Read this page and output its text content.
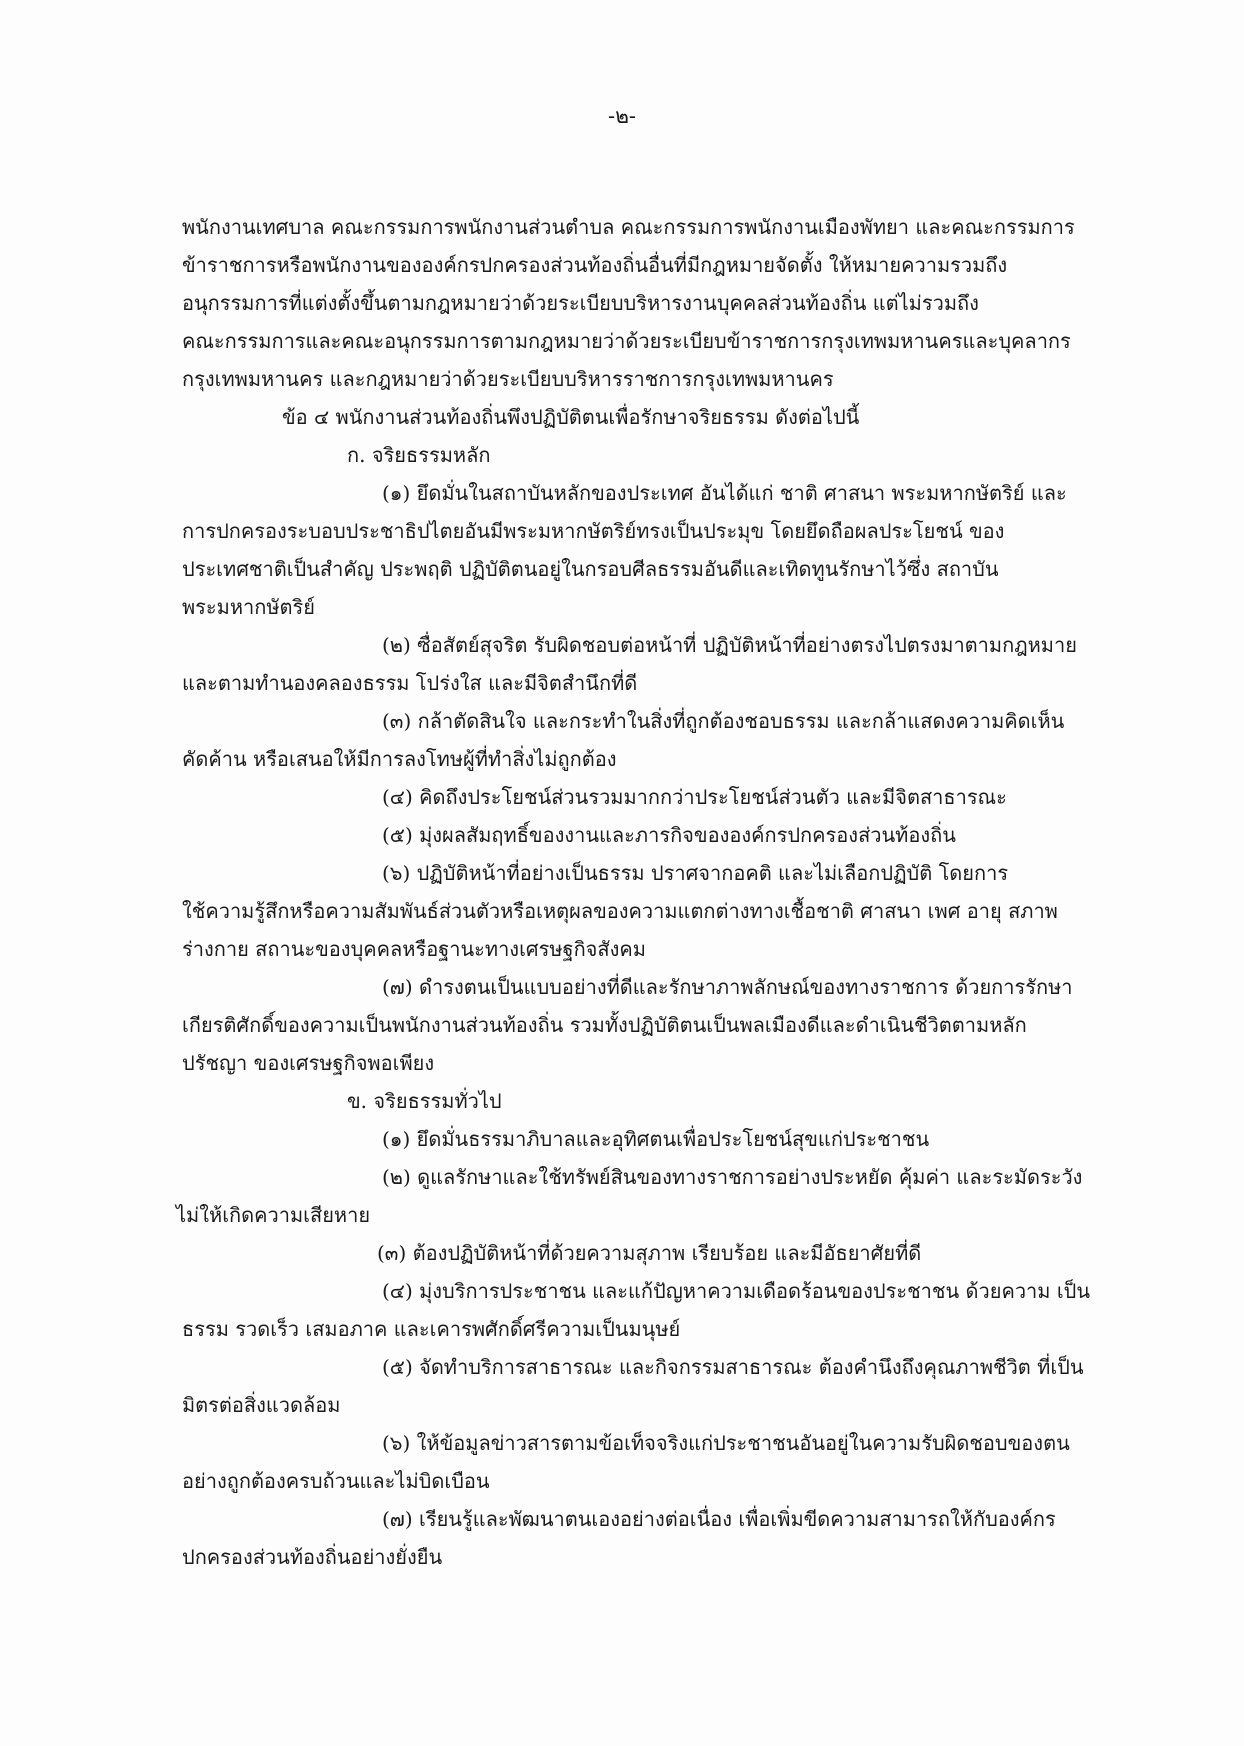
-๒-
พนักงานเทศบาล คณะกรรมการพนักงานส่วนตำบล คณะกรรมการพนักงานเมืองพัทยา และคณะกรรมการ
ข้าราชการหรือพนักงานขององค์กรปกครองส่วนท้องถิ่นอื่นที่มีกฎหมายจัดตั้ง ให้หมายความรวมถึง
อนุกรรมการที่แต่งตั้งขึ้นตามกฎหมายว่าด้วยระเบียบบริหารงานบุคคลส่วนท้องถิ่น แต่ไม่รวมถึง
คณะกรรมการและคณะอนุกรรมการตามกฎหมายว่าด้วยระเบียบข้าราชการกรุงเทพมหานครและบุคลากร
กรุงเทพมหานคร และกฎหมายว่าด้วยระเบียบบริหารราชการกรุงเทพมหานคร
ข้อ ๔ พนักงานส่วนท้องถิ่นพึงปฏิบัติตนเพื่อรักษาจริยธรรม ดังต่อไปนี้
ก. จริยธรรมหลัก
(๑) ยึดมั่นในสถาบันหลักของประเทศ อันได้แก่ ชาติ ศาสนา พระมหากษัตริย์ และ
การปกครองระบอบประชาธิปไตยอันมีพระมหากษัตริย์ทรงเป็นประมุข โดยยึดถือผลประโยชน์ ของ
ประเทศชาติเป็นสำคัญ ประพฤติ ปฏิบัติตนอยู่ในกรอบศีลธรรมอันดีและเทิดทูนรักษาไว้ซึ่ง สถาบัน
พระมหากษัตริย์
(๒) ซื่อสัตย์สุจริต รับผิดชอบต่อหน้าที่ ปฏิบัติหน้าที่อย่างตรงไปตรงมาตามกฎหมาย
และตามทำนองคลองธรรม โปร่งใส และมีจิตสำนึกที่ดี
(๓) กล้าตัดสินใจ และกระทำในสิ่งที่ถูกต้องชอบธรรม และกล้าแสดงความคิดเห็น
คัดค้าน หรือเสนอให้มีการลงโทษผู้ที่ทำสิ่งไม่ถูกต้อง
(๔) คิดถึงประโยชน์ส่วนรวมมากกว่าประโยชน์ส่วนตัว และมีจิตสาธารณะ
(๕) มุ่งผลสัมฤทธิ์ของงานและภารกิจขององค์กรปกครองส่วนท้องถิ่น
(๖) ปฏิบัติหน้าที่อย่างเป็นธรรม ปราศจากอคติ และไม่เลือกปฏิบัติ โดยการ
ใช้ความรู้สึกหรือความสัมพันธ์ส่วนตัวหรือเหตุผลของความแตกต่างทางเชื้อชาติ ศาสนา เพศ อายุ สภาพ
ร่างกาย สถานะของบุคคลหรือฐานะทางเศรษฐกิจสังคม
(๗) ดำรงตนเป็นแบบอย่างที่ดีและรักษาภาพลักษณ์ของทางราชการ ด้วยการรักษา
เกียรติศักดิ์ของความเป็นพนักงานส่วนท้องถิ่น รวมทั้งปฏิบัติตนเป็นพลเมืองดีและดำเนินชีวิตตามหลัก
ปรัชญา ของเศรษฐกิจพอเพียง
ข. จริยธรรมทั่วไป
(๑) ยึดมั่นธรรมาภิบาลและอุทิศตนเพื่อประโยชน์สุขแก่ประชาชน
(๒) ดูแลรักษาและใช้ทรัพย์สินของทางราชการอย่างประหยัด คุ้มค่า และระมัดระวัง
ไม่ให้เกิดความเสียหาย
(๓) ต้องปฏิบัติหน้าที่ด้วยความสุภาพ เรียบร้อย และมีอัธยาศัยที่ดี
(๔) มุ่งบริการประชาชน และแก้ปัญหาความเดือดร้อนของประชาชน ด้วยความ เป็น
ธรรม รวดเร็ว เสมอภาค และเคารพศักดิ์ศรีความเป็นมนุษย์
(๕) จัดทำบริการสาธารณะ และกิจกรรมสาธารณะ ต้องคำนึงถึงคุณภาพชีวิต ที่เป็น
มิตรต่อสิ่งแวดล้อม
(๖) ให้ข้อมูลข่าวสารตามข้อเท็จจริงแก่ประชาชนอันอยู่ในความรับผิดชอบของตน
อย่างถูกต้องครบถ้วนและไม่บิดเบือน
(๗) เรียนรู้และพัฒนาตนเองอย่างต่อเนื่อง เพื่อเพิ่มขีดความสามารถให้กับองค์กร
ปกครองส่วนท้องถิ่นอย่างยั่งยืน
